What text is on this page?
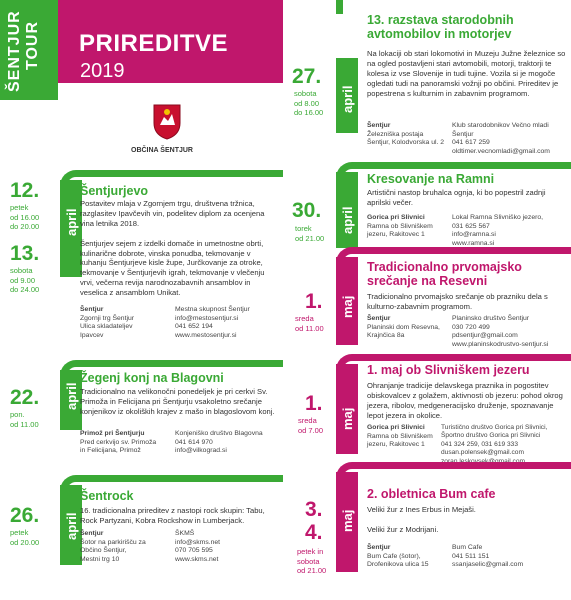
ŠENTJUR TOUR PRIREDITVE
2019
OBČINA ŠENTJUR
april
12.
petek
od 16.00
do 20.00
13.
sobota
od 9.00
do 24.00
Šentjurjevo
Postavitev mlaja v Zgornjem trgu, društvena tržnica, razglasitev Ipavčevih vin, podelitev diplom za ocenjena vina letnika 2018.

Šentjurjev sejem z izdelki domače in umetnostne obrti, kulinarične dobrote, vinska ponudba, tekmovanje v kuhanju Šentjurjeve kisle župe, Jurčkovanje za otroke, tekmovanje v Šentjurjevih igrah, tekmovanje v vlečenju vrvi, večerna revija narodnozabavnih ansamblov in veselica z ansamblom Unikat.
Šentjur
Zgornji trg Šentjur
Ulica skladateljev
Ipavcev
Mestna skupnost Šentjur
info@mestosentjur.si
041 652 194
www.mestosentjur.si
april
22.
pon.
od 11.00
Žegenj konj na Blagovni
Tradicionalno na velikonočni ponedeljek je pri cerkvi Sv. Primoža in Felicijana pri Šentjurju vsakoletno srečanje konjenikov iz okoliških krajev z mašo in blagoslovom konj.
Primož pri Šentjurju
Pred cerkvijo sv. Primoža
in Felicijana, Primož
Konjeniško društvo Blagovna
041 614 970
info@vilkograd.si
april
26.
petek
od 20.00
Šentrock
16. tradicionalna prireditev z nastopi rock skupin: Tabu, Rock Partyzani, Kobra Rockshow in Lumberjack.
Šentjur
Šotor na parkirišču za
Občino Šentjur,
Mestni trg 10
ŠKMŠ
info@skms.net
070 705 595
www.skms.net
april
27.
sobota
od 8.00
do 16.00
13. razstava starodobnih avtomobilov in motorjev
Na lokaciji ob stari lokomotivi in Muzeju Južne železnice so na ogled postavljeni stari avtomobili, motorji, traktorji te kolesa iz vse Slovenije in tudi tujine. Vozila si je mogoče ogledati tudi na panoramski vožnji po občini. Prireditev je popestrena s kulturnim in zabavnim programom.
Šentjur
Železniška postaja
Šentjur, Kolodvorska ul. 2
Klub starodobnikov Večno mladi
Šentjur
041 617 259
oldtimer.vecnomladi@gmail.com
april
30.
torek
od 21.00
Kresovanje na Ramni
Artistični nastop bruhalca ognja, ki bo popestril zadnji aprilski večer.
Gorica pri Slivnici
Ramna ob Slivniškem
jezeru, Rakitovec 1
Lokal Ramna Slivniško jezero,
031 625 567
info@ramna.si
www.ramna.si
maj
1.
sreda
od 11.00
Tradicionalno prvomajsko srečanje na Resevni
Tradicionalno prvomajsko srečanje ob prazniku dela s kulturno-zabavnim programom.
Šentjur
Planinski dom Resevna,
Krajnčica 8a
Planinsko društvo Šentjur
030 720 499
pdsentjur@gmail.com
www.planinskodrustvo-sentjur.si
maj
1.
sreda
od 7.00
1. maj ob Slivniškem jezeru
Ohranjanje tradicije delavskega praznika in pogostitev obiskovalcev z golažem, aktivnosti ob jezeru: pohod okrog jezera, ribolov, medgeneracijsko druženje, spoznavanje lepot jezera in okolice.
Gorica pri Slivnici
Ramna ob Slivniškem
jezeru, Rakitovec 1
Turistično društvo Gorica pri Slivnici,
Športno društvo Gorica pri Slivnici
041 324 259, 031 619 333
dusan.polensek@gmail.com
zoran.leskovsek@gmail.com
maj
3.
4.
petek in
sobota
od 21.00
2. obletnica Bum cafe
Veliki žur z Ines Erbus in Mejaši.

Veliki žur z Modrijani.
Šentjur
Bum Cafe (šotor),
Drofenikova ulica 15
Bum Cafe
041 511 151
ssanjaselic@gmail.com
